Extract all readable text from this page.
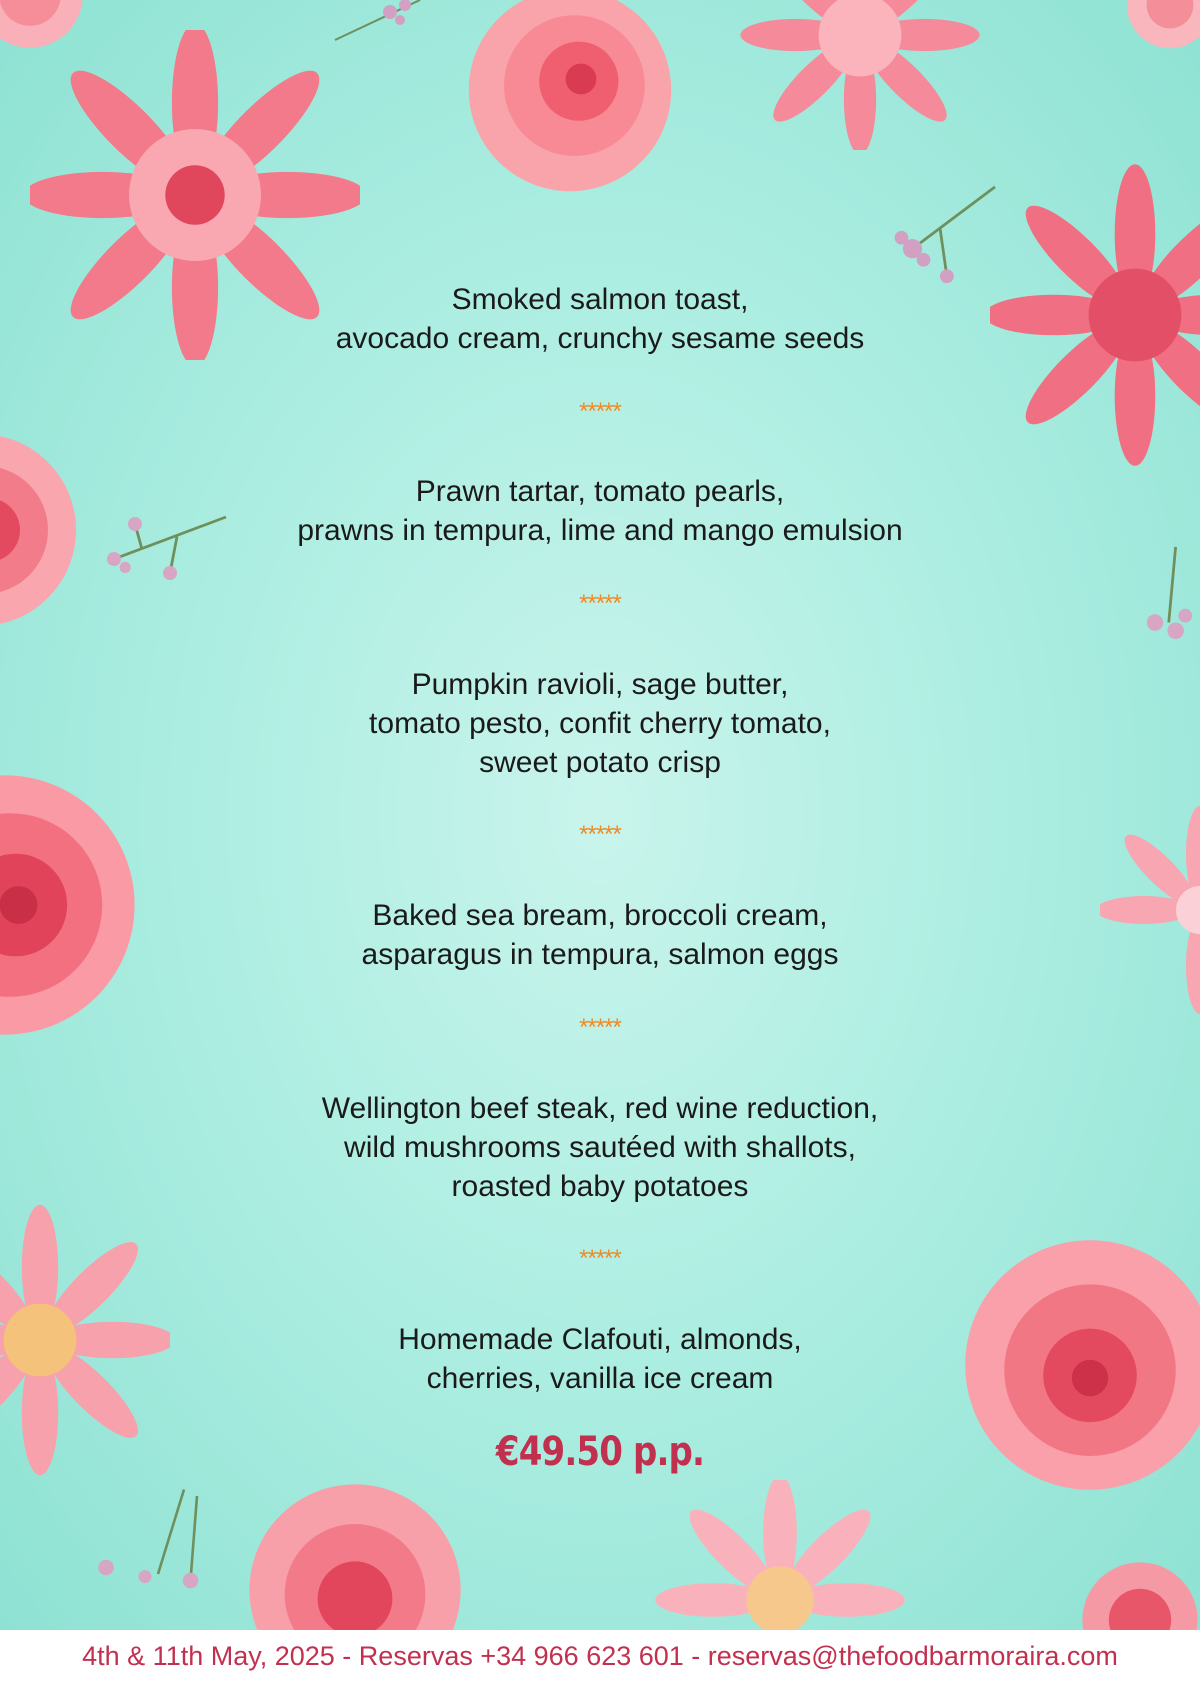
Smoked salmon toast,
avocado cream, crunchy sesame seeds
*****
Prawn tartar, tomato pearls,
prawns in tempura, lime and mango emulsion
*****
Pumpkin ravioli, sage butter,
tomato pesto, confit cherry tomato,
sweet potato crisp
*****
Baked sea bream, broccoli cream,
asparagus in tempura, salmon eggs
*****
Wellington beef steak, red wine reduction,
wild mushrooms sautéed with shallots,
roasted baby potatoes
*****
Homemade Clafouti, almonds,
cherries, vanilla ice cream
€49.50 p.p.
4th & 11th May, 2025 - Reservas +34 966 623 601 - reservas@thefoodbarmoraira.com
